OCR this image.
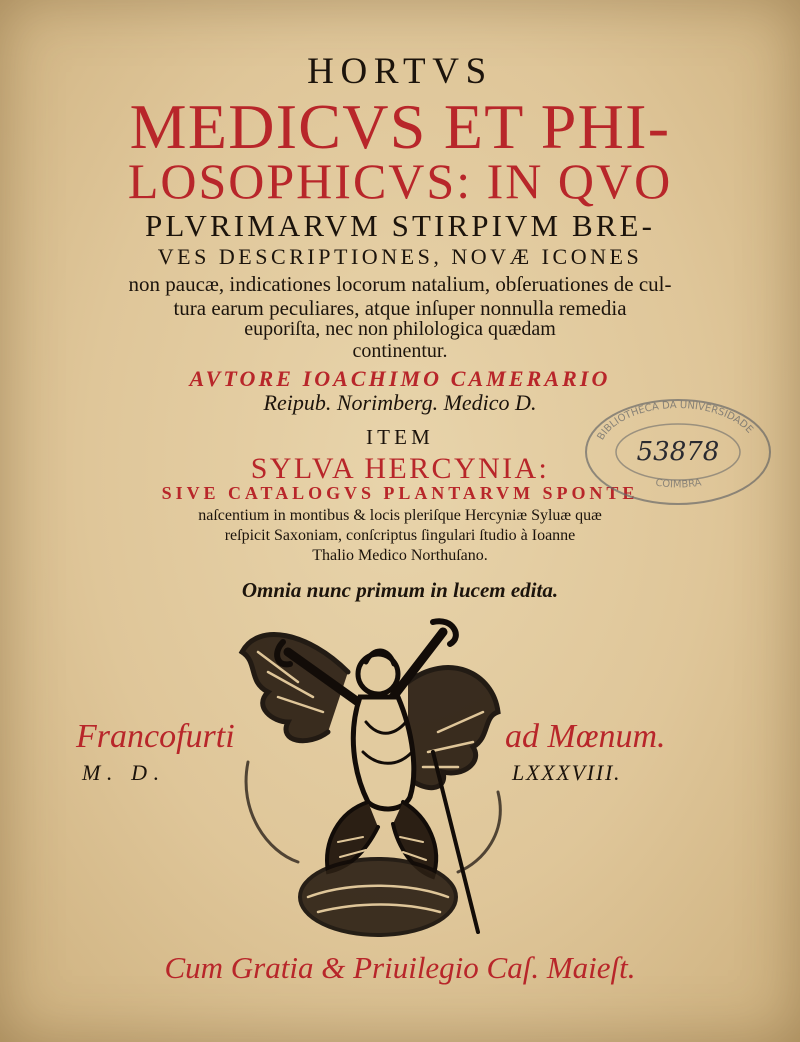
HORTVS
MEDICVS ET PHI-
LOSOPHICVS: IN QVO
PLVRIMARVM STIRPIVM BRE-
VES DESCRIPTIONES, NOVÆ ICONES
non paucæ, indicationes locorum natalium, obſeruationes de cul-
tura earum peculiares, atque inſuper nonnulla remedia
euporiſta, nec non philologica quædam
continentur.
AVTORE IOACHIMO CAMERARIO
Reipub. Norimberg. Medico D.
ITEM
SYLVA HERCYNIA:
SIVE CATALOGVS PLANTARVM SPONTE
naſcentium in montibus & locis pleriſque Hercyniæ Syluæ quæ
reſpicit Saxoniam, conſcriptus ſingulari ſtudio à Ioanne
Thalio Medico Northuſano.
Omnia nunc primum in lucem edita.
BIBLIOTHECA DA UNIVERSIDADE
COIMBRA
53878
Francofurti	ad Mœnum.
M. D.	LXXXVIII.
Cum Gratia & Priuilegio Caſ. Maieſt.
